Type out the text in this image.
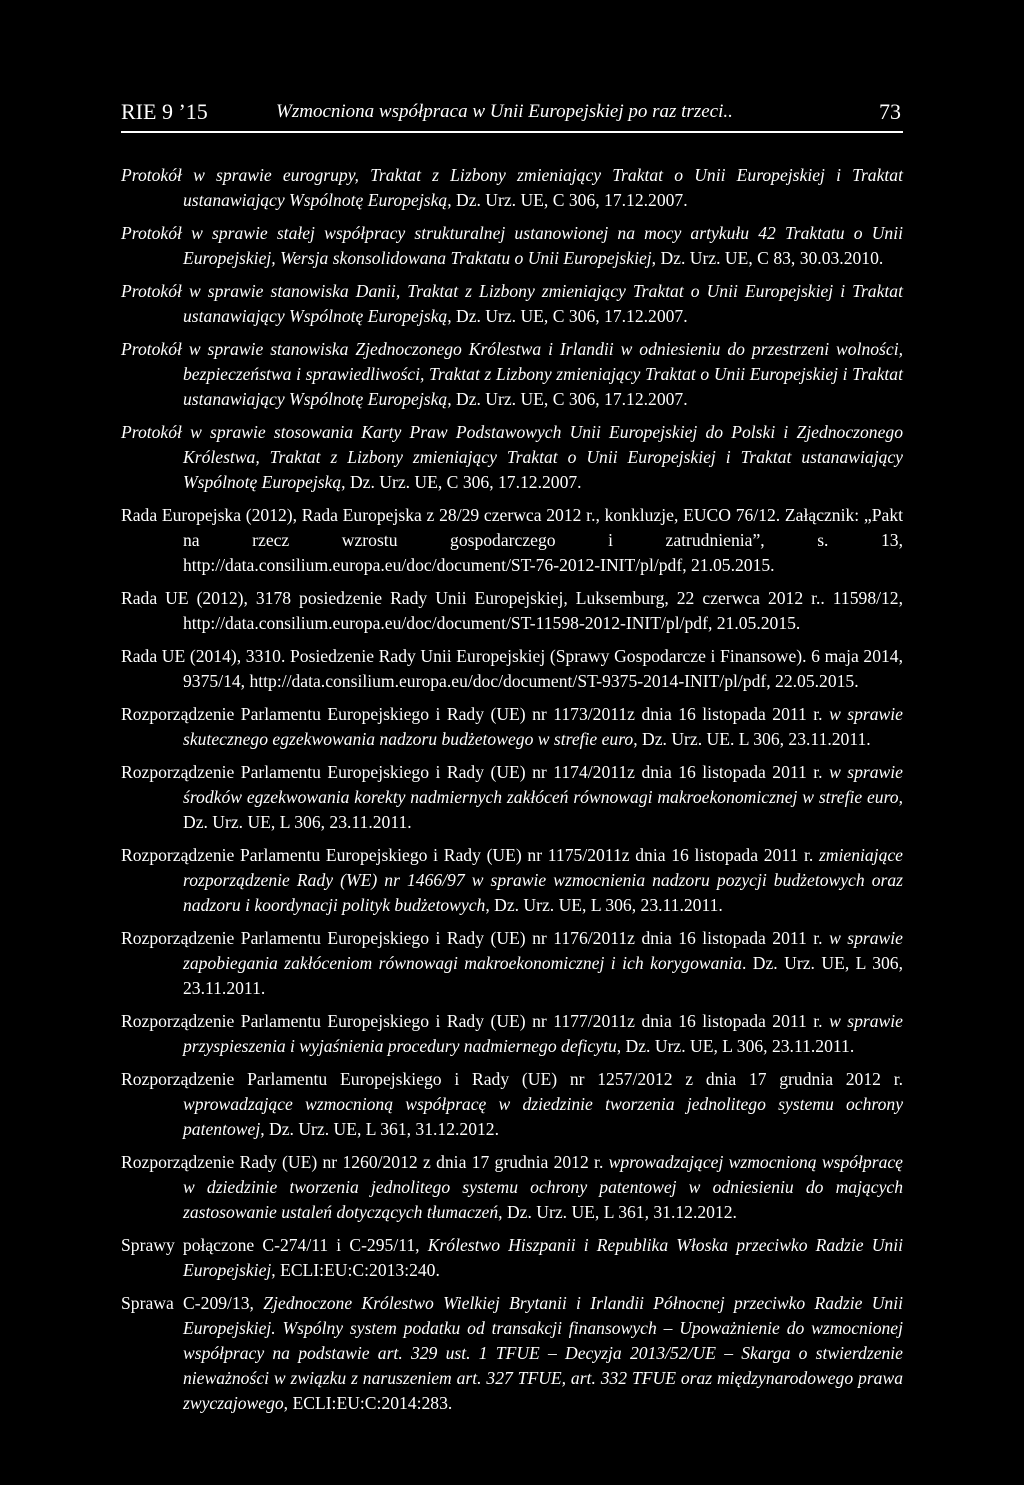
RIE 9 ’15	Wzmocniona współpraca w Unii Europejskiej po raz trzeci..	73

Protokół w sprawie eurogrupy, Traktat z Lizbony zmieniający Traktat o Unii Europejskiej i Traktat ustanawiający Wspólnotę Europejską, Dz. Urz. UE, C 306, 17.12.2007.

Protokół w sprawie stałej współpracy strukturalnej ustanowionej na mocy artykułu 42 Traktatu o Unii Europejskiej, Wersja skonsolidowana Traktatu o Unii Europejskiej, Dz. Urz. UE, C 83, 30.03.2010.

Protokół w sprawie stanowiska Danii, Traktat z Lizbony zmieniający Traktat o Unii Europejskiej i Traktat ustanawiający Wspólnotę Europejską, Dz. Urz. UE, C 306, 17.12.2007.

Protokół w sprawie stanowiska Zjednoczonego Królestwa i Irlandii w odniesieniu do przestrzeni wolności, bezpieczeństwa i sprawiedliwości, Traktat z Lizbony zmieniający Traktat o Unii Europejskiej i Traktat ustanawiający Wspólnotę Europejską, Dz. Urz. UE, C 306, 17.12.2007.

Protokół w sprawie stosowania Karty Praw Podstawowych Unii Europejskiej do Polski i Zjednoczonego Królestwa, Traktat z Lizbony zmieniający Traktat o Unii Europejskiej i Traktat ustanawiający Wspólnotę Europejską, Dz. Urz. UE, C 306, 17.12.2007.

Rada Europejska (2012), Rada Europejska z 28/29 czerwca 2012 r., konkluzje, EUCO 76/12. Załącznik: „Pakt na rzecz wzrostu gospodarczego i zatrudnienia”, s. 13, http://data.consilium.europa.eu/doc/document/ST-76-2012-INIT/pl/pdf, 21.05.2015.

Rada UE (2012), 3178 posiedzenie Rady Unii Europejskiej, Luksemburg, 22 czerwca 2012 r.. 11598/12, http://data.consilium.europa.eu/doc/document/ST-11598-2012-INIT/pl/pdf, 21.05.2015.

Rada UE (2014), 3310. Posiedzenie Rady Unii Europejskiej (Sprawy Gospodarcze i Finansowe). 6 maja 2014, 9375/14, http://data.consilium.europa.eu/doc/document/ST-9375-2014-INIT/pl/pdf, 22.05.2015.

Rozporządzenie Parlamentu Europejskiego i Rady (UE) nr 1173/2011z dnia 16 listopada 2011 r. w sprawie skutecznego egzekwowania nadzoru budżetowego w strefie euro, Dz. Urz. UE. L 306, 23.11.2011.

Rozporządzenie Parlamentu Europejskiego i Rady (UE) nr 1174/2011z dnia 16 listopada 2011 r. w sprawie środków egzekwowania korekty nadmiernych zakłóceń równowagi makroekonomicznej w strefie euro, Dz. Urz. UE, L 306, 23.11.2011.

Rozporządzenie Parlamentu Europejskiego i Rady (UE) nr 1175/2011z dnia 16 listopada 2011 r. zmieniające rozporządzenie Rady (WE) nr 1466/97 w sprawie wzmocnienia nadzoru pozycji budżetowych oraz nadzoru i koordynacji polityk budżetowych, Dz. Urz. UE, L 306, 23.11.2011.

Rozporządzenie Parlamentu Europejskiego i Rady (UE) nr 1176/2011z dnia 16 listopada 2011 r. w sprawie zapobiegania zakłóceniom równowagi makroekonomicznej i ich korygowania. Dz. Urz. UE, L 306, 23.11.2011.

Rozporządzenie Parlamentu Europejskiego i Rady (UE) nr 1177/2011z dnia 16 listopada 2011 r. w sprawie przyspieszenia i wyjaśnienia procedury nadmiernego deficytu, Dz. Urz. UE, L 306, 23.11.2011.

Rozporządzenie Parlamentu Europejskiego i Rady (UE) nr 1257/2012 z dnia 17 grudnia 2012 r. wprowadzające wzmocnioną współpracę w dziedzinie tworzenia jednolitego systemu ochrony patentowej, Dz. Urz. UE, L 361, 31.12.2012.

Rozporządzenie Rady (UE) nr 1260/2012 z dnia 17 grudnia 2012 r. wprowadzającej wzmocnioną współpracę w dziedzinie tworzenia jednolitego systemu ochrony patentowej w odniesieniu do mających zastosowanie ustaleń dotyczących tłumaczeń, Dz. Urz. UE, L 361, 31.12.2012.

Sprawy połączone C-274/11 i C-295/11, Królestwo Hiszpanii i Republika Włoska przeciwko Radzie Unii Europejskiej, ECLI:EU:C:2013:240.

Sprawa C-209/13, Zjednoczone Królestwo Wielkiej Brytanii i Irlandii Północnej przeciwko Radzie Unii Europejskiej. Wspólny system podatku od transakcji finansowych – Upoważnienie do wzmocnionej współpracy na podstawie art. 329 ust. 1 TFUE – Decyzja 2013/52/UE – Skarga o stwierdzenie nieważności w związku z naruszeniem art. 327 TFUE, art. 332 TFUE oraz międzynarodowego prawa zwyczajowego, ECLI:EU:C:2014:283.
